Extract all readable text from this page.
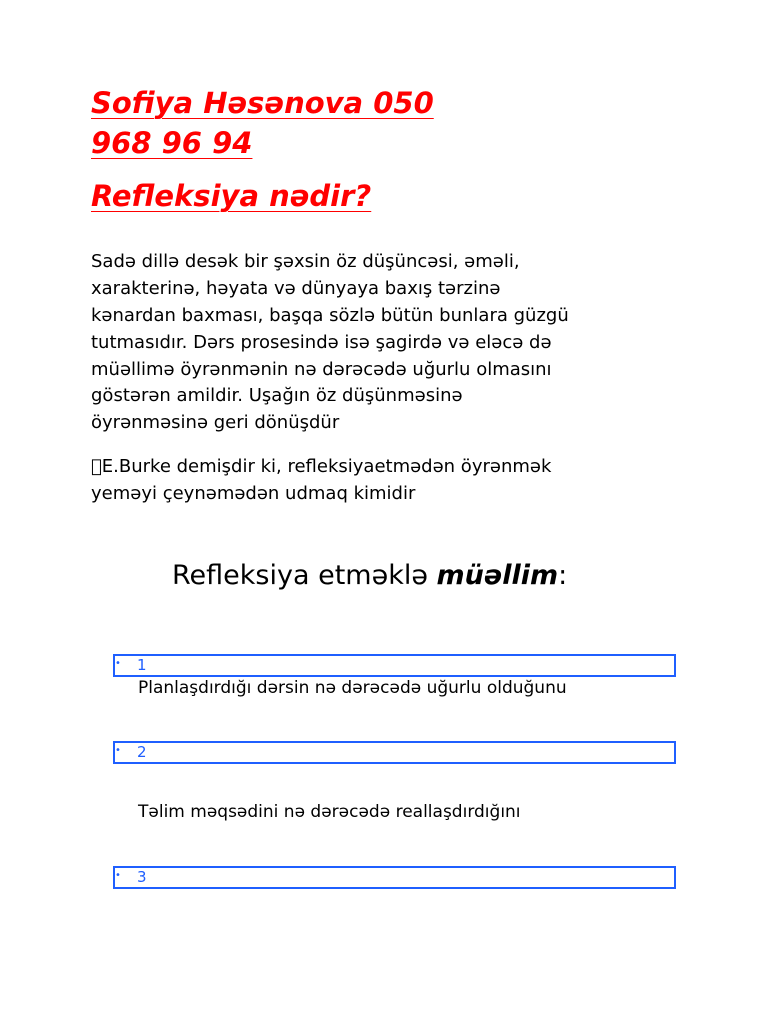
Sofiya Həsənova 050
968 96 94
Refleksiya nədir?
Sadə dillə desək bir şəxsin öz düşüncəsi, əməli,
xarakterinə, həyata və dünyaya baxış tərzinə
kənardan baxması, başqa sözlə bütün bunlara güzgü
tutmasıdır. Dərs prosesində isə şagirdə və eləcə də
müəllimə öyrənmənin nə dərəcədə uğurlu olmasını
göstərən amildir. Uşağın öz düşünməsinə
öyrənməsinə geri dönüşdür
E.Burke demişdir ki, refleksiyaetmədən öyrənmək
yeməyi çeynəmədən udmaq kimidir
Refleksiya etməklə müəllim:
• 1
Planlaşdırdığı dərsin nə dərəcədə uğurlu olduğunu
• 2
Təlim məqsədini nə dərəcədə reallaşdırdığını
• 3
